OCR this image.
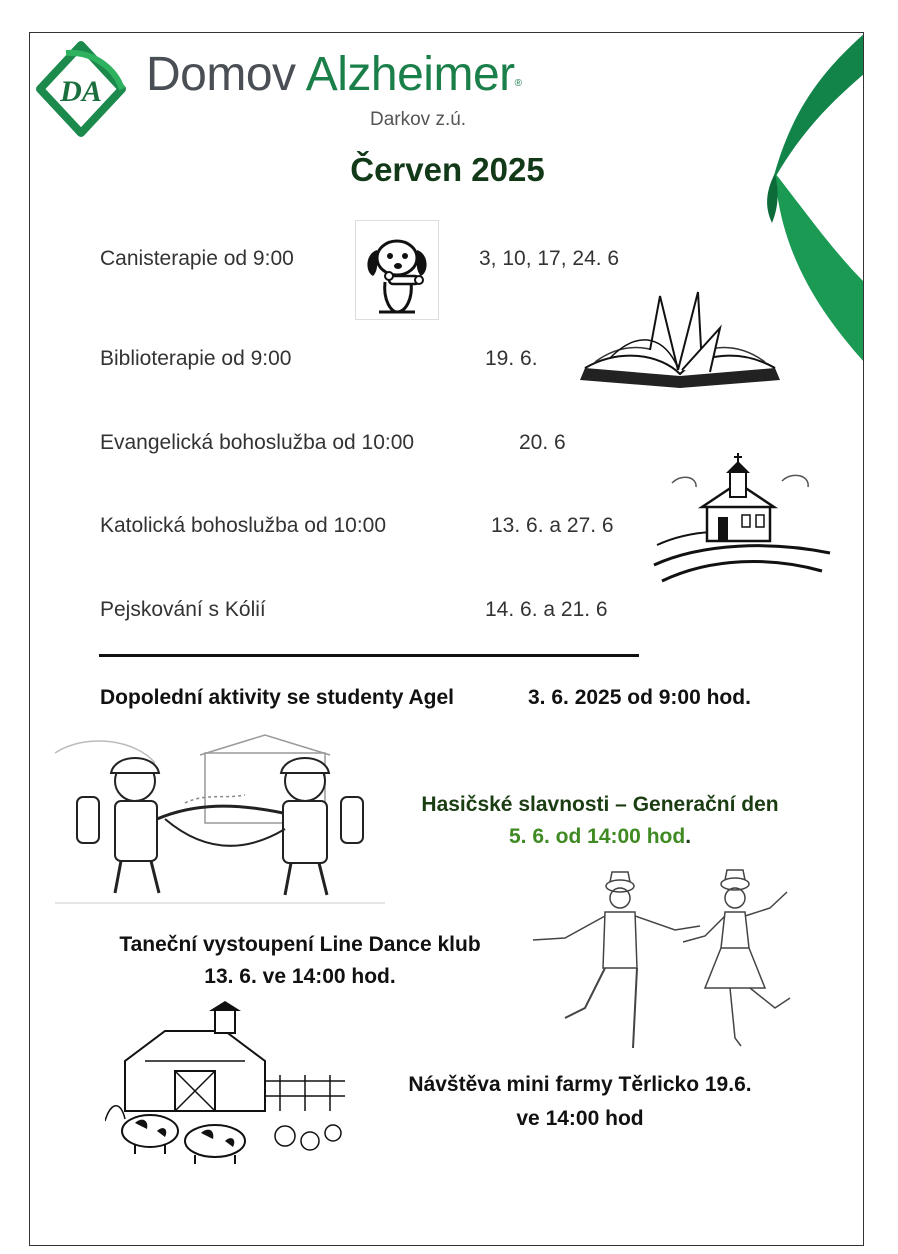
DA Domov Alzheimer®
Darkov z.ú.
Červen 2025
Canisterapie od 9:00	3, 10, 17, 24. 6
Biblioterapie od 9:00	19. 6.
Evangelická bohoslužba od 10:00	20. 6
Katolická bohoslužba od 10:00	13. 6. a 27. 6
Pejskování s Kólií	14. 6. a 21. 6
Dopolední aktivity se studenty Agel	3. 6. 2025 od 9:00 hod.
Hasičské slavnosti – Generační den
5. 6. od 14:00 hod.
Taneční vystoupení Line Dance klub
13. 6. ve 14:00 hod.
Návštěva mini farmy Těrlicko 19.6.
ve 14:00 hod
